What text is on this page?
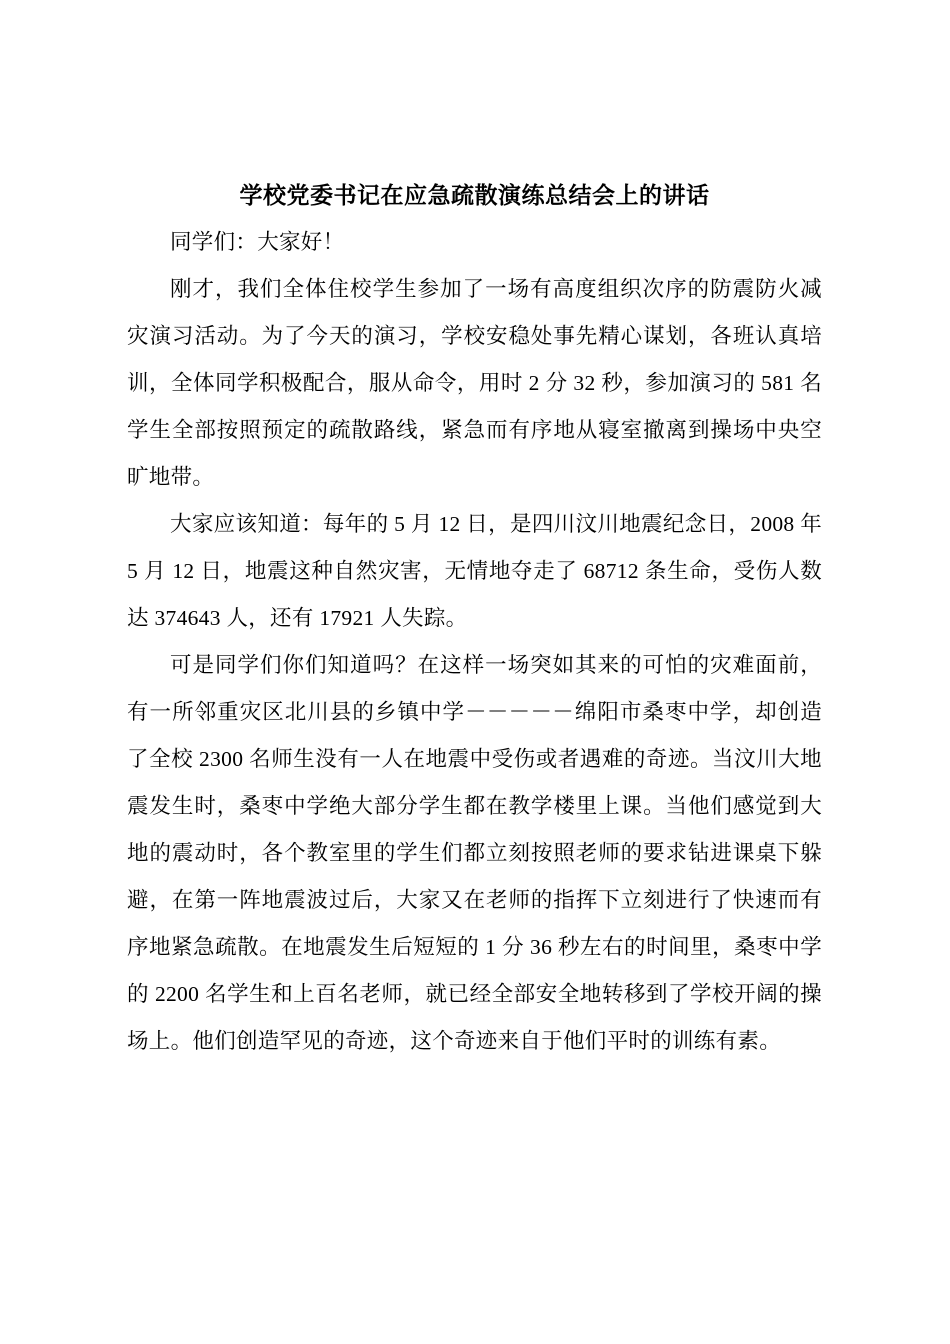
学校党委书记在应急疏散演练总结会上的讲话

同学们：大家好！

刚才，我们全体住校学生参加了一场有高度组织次序的防震防火减灾演习活动。为了今天的演习，学校安稳处事先精心谋划，各班认真培训，全体同学积极配合，服从命令，用时 2 分 32 秒，参加演习的 581 名学生全部按照预定的疏散路线，紧急而有序地从寝室撤离到操场中央空旷地带。

大家应该知道：每年的 5 月 12 日，是四川汶川地震纪念日，2008 年 5 月 12 日，地震这种自然灾害，无情地夺走了 68712 条生命，受伤人数达 374643 人，还有 17921 人失踪。

可是同学们你们知道吗？在这样一场突如其来的可怕的灾难面前，有一所邻重灾区北川县的乡镇中学－－－－－绵阳市桑枣中学，却创造了全校 2300 名师生没有一人在地震中受伤或者遇难的奇迹。当汶川大地震发生时，桑枣中学绝大部分学生都在教学楼里上课。当他们感觉到大地的震动时，各个教室里的学生们都立刻按照老师的要求钻进课桌下躲避，在第一阵地震波过后，大家又在老师的指挥下立刻进行了快速而有序地紧急疏散。在地震发生后短短的 1 分 36 秒左右的时间里，桑枣中学的 2200 名学生和上百名老师，就已经全部安全地转移到了学校开阔的操场上。他们创造罕见的奇迹，这个奇迹来自于他们平时的训练有素。
